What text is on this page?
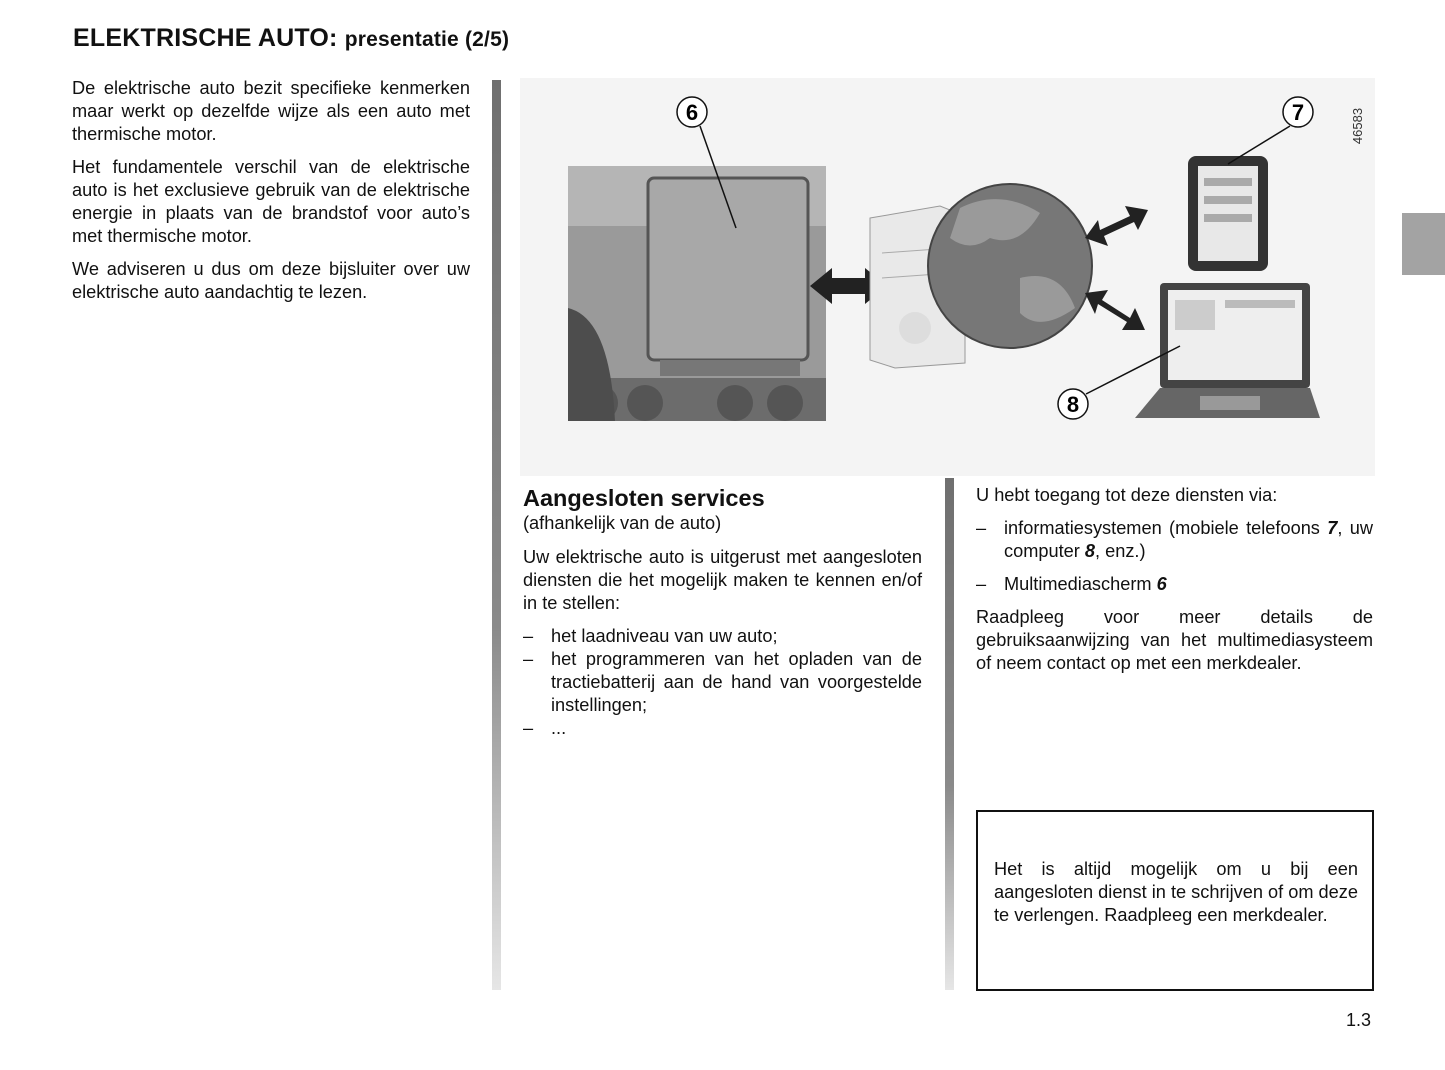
ELEKTRISCHE AUTO: presentatie (2/5)

De elektrische auto bezit specifieke kenmerken maar werkt op dezelfde wijze als een auto met thermische motor.

Het fundamentele verschil van de elektrische auto is het exclusieve gebruik van de elektrische energie in plaats van de brandstof voor auto’s met thermische motor.

We adviseren u dus om deze bijsluiter over uw elektrische auto aandachtig te lezen.

6	7
8
46583
Aangesloten services
(afhankelijk van de auto)

Uw elektrische auto is uitgerust met aangesloten diensten die het mogelijk maken te kennen en/of in te stellen:

– het laadniveau van uw auto;
– het programmeren van het opladen van de tractiebatterij aan de hand van voorgestelde instellingen;
– ...

U hebt toegang tot deze diensten via:

– informatiesystemen (mobiele telefoons 7, uw computer 8, enz.)
– Multimediascherm 6

Raadpleeg voor meer details de gebruiksaanwijzing van het multimediasysteem of neem contact op met een merkdealer.

Het is altijd mogelijk om u bij een aangesloten dienst in te schrijven of om deze te verlengen. Raadpleeg een merkdealer.

1.3
